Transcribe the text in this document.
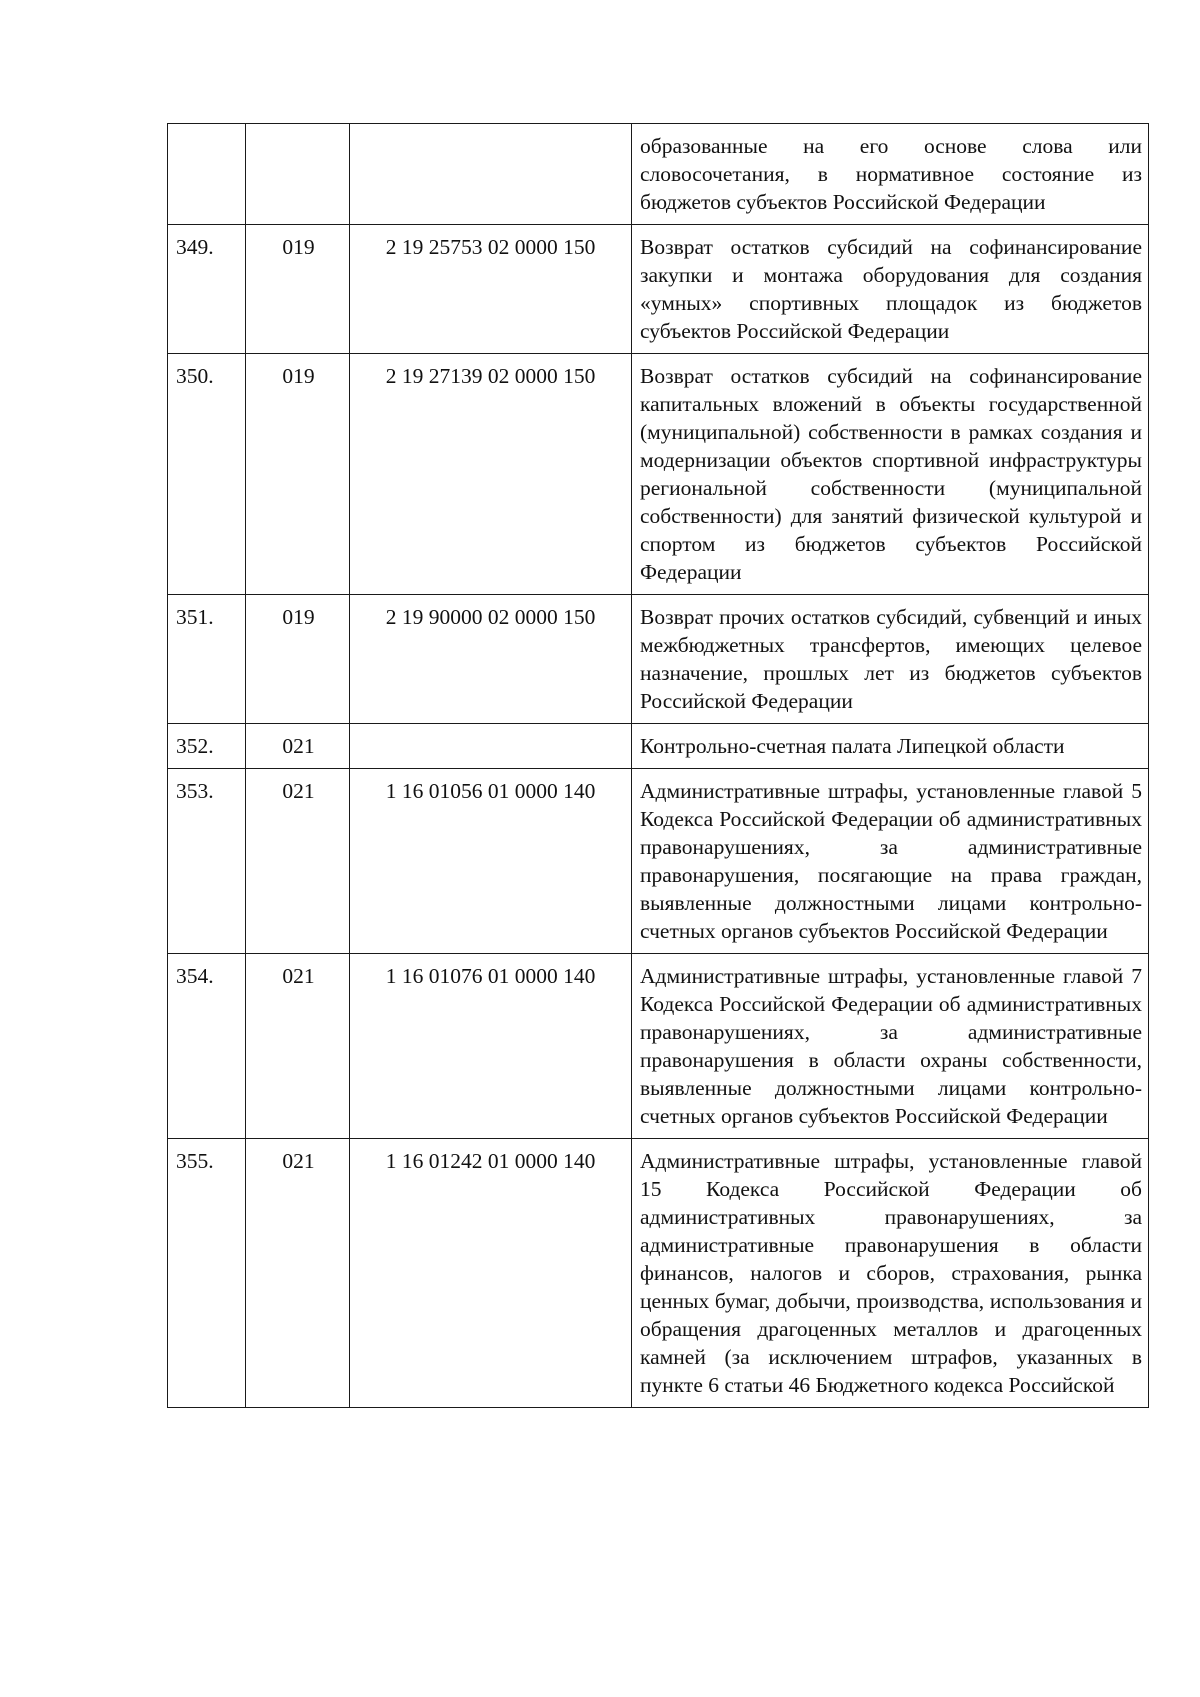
			образованные на его основе слова или словосочетания, в нормативное состояние из бюджетов субъектов Российской Федерации
349.	019	2 19 25753 02 0000 150	Возврат остатков субсидий на софинансирование закупки и монтажа оборудования для создания «умных» спортивных площадок из бюджетов субъектов Российской Федерации
350.	019	2 19 27139 02 0000 150	Возврат остатков субсидий на софинансирование капитальных вложений в объекты государственной (муниципальной) собственности в рамках создания и модернизации объектов спортивной инфраструктуры региональной собственности (муниципальной собственности) для занятий физической культурой и спортом из бюджетов субъектов Российской Федерации
351.	019	2 19 90000 02 0000 150	Возврат прочих остатков субсидий, субвенций и иных межбюджетных трансфертов, имеющих целевое назначение, прошлых лет из бюджетов субъектов Российской Федерации
352.	021		Контрольно-счетная палата Липецкой области
353.	021	1 16 01056 01 0000 140	Административные штрафы, установленные главой 5 Кодекса Российской Федерации об административных правонарушениях, за административные правонарушения, посягающие на права граждан, выявленные должностными лицами контрольно-счетных органов субъектов Российской Федерации
354.	021	1 16 01076 01 0000 140	Административные штрафы, установленные главой 7 Кодекса Российской Федерации об административных правонарушениях, за административные правонарушения в области охраны собственности, выявленные должностными лицами контрольно-счетных органов субъектов Российской Федерации
355.	021	1 16 01242 01 0000 140	Административные штрафы, установленные главой 15 Кодекса Российской Федерации об административных правонарушениях, за административные правонарушения в области финансов, налогов и сборов, страхования, рынка ценных бумаг, добычи, производства, использования и обращения драгоценных металлов и драгоценных камней (за исключением штрафов, указанных в пункте 6 статьи 46 Бюджетного кодекса Российской
